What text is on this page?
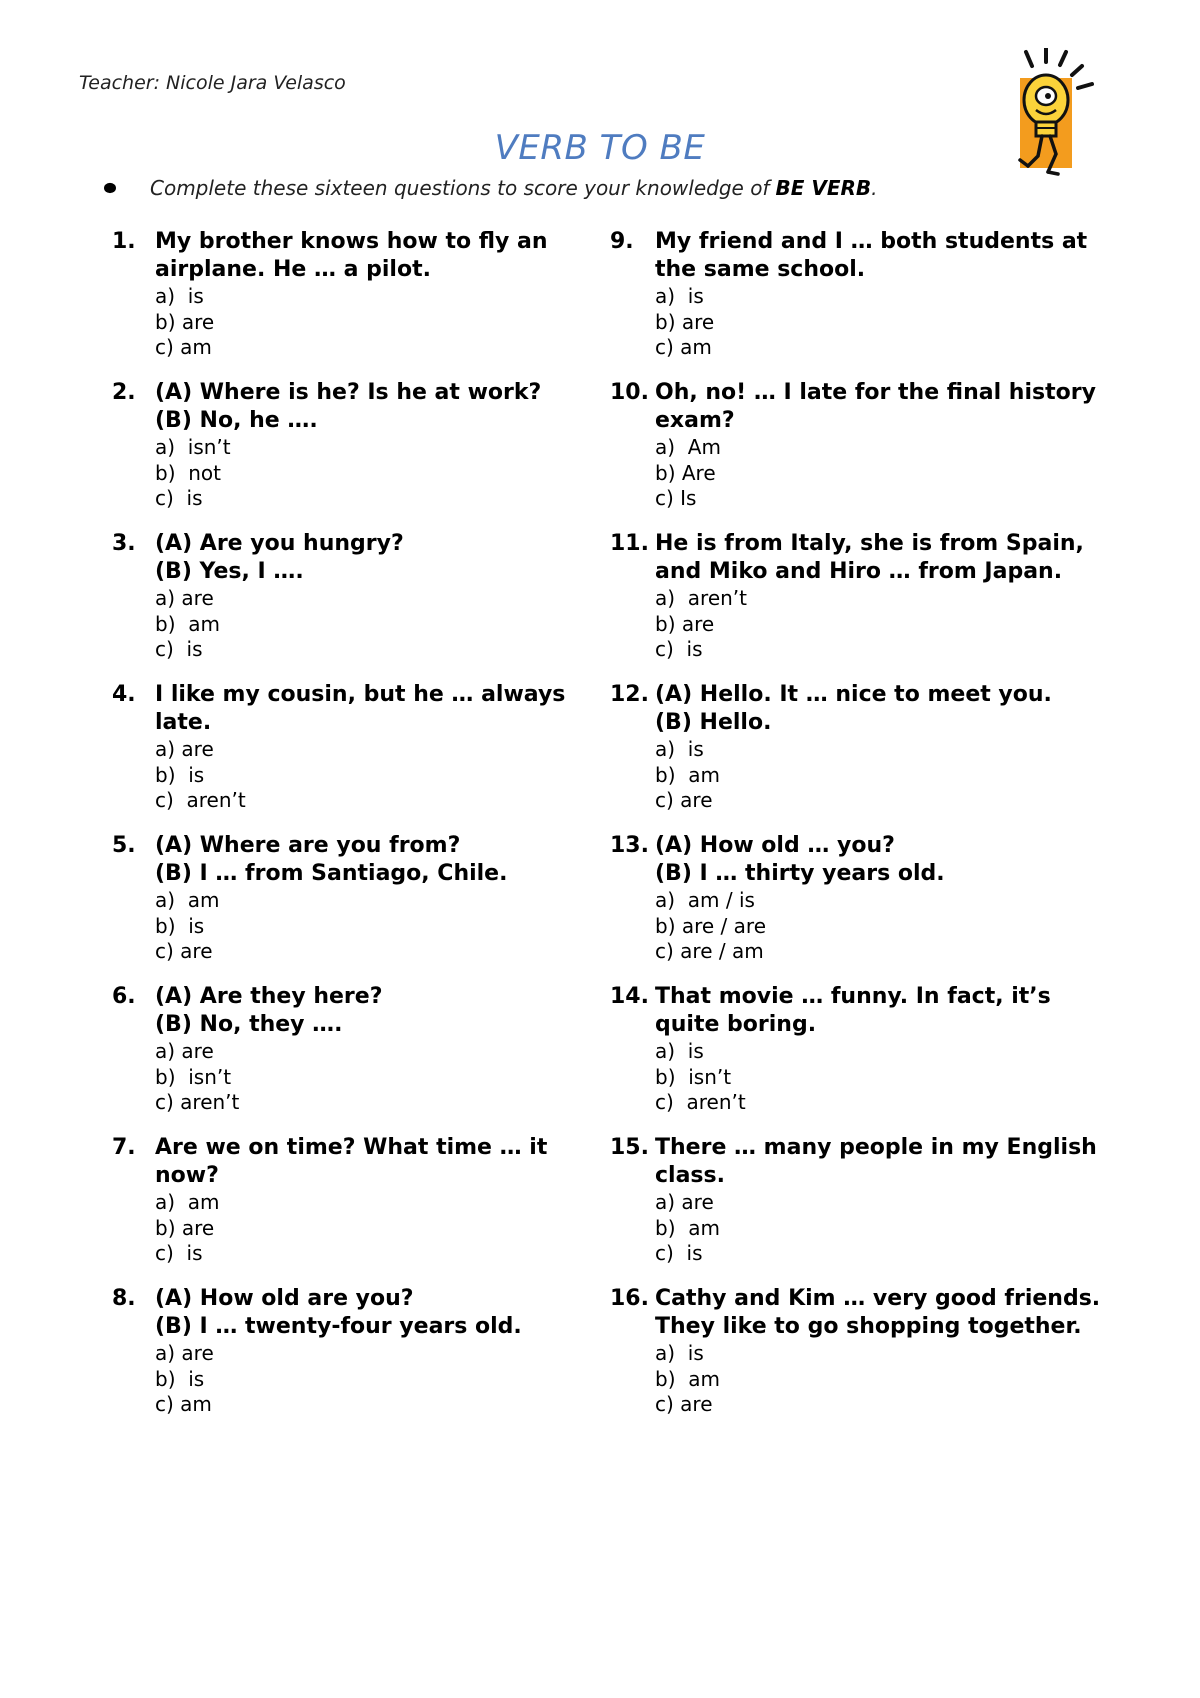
Teacher: Nicole Jara Velasco
VERB TO BE
Complete these sixteen questions to score your knowledge of BE VERB .
1. My brother knows how to fly an
airplane. He … a pilot.
a)  is
b) are
c) am
2. (A) Where is he? Is he at work?
(B) No, he ….
a)  isn’t
b)  not
c)  is
3. (A) Are you hungry?
(B) Yes, I ….
a) are
b)  am
c)  is
4. I like my cousin, but he … always
late.
a) are
b)  is
c)  aren’t
5. (A) Where are you from?
(B) I … from Santiago, Chile.
a)  am
b)  is
c) are
6. (A) Are they here?
(B) No, they ….
a) are
b)  isn’t
c) aren’t
7. Are we on time? What time … it
now?
a)  am
b) are
c)  is
8. (A) How old are you?
(B) I … twenty-four years old.
a) are
b)  is
c) am
9. My friend and I … both students at
the same school.
a)  is
b) are
c) am
10. Oh, no! … I late for the final history
exam?
a)  Am
b) Are
c) Is
11. He is from Italy, she is from Spain,
and Miko and Hiro … from Japan.
a)  aren’t
b) are
c)  is
12. (A) Hello. It … nice to meet you.
(B) Hello.
a)  is
b)  am
c) are
13. (A) How old … you?
(B) I … thirty years old.
a)  am / is
b) are / are
c) are / am
14. That movie … funny. In fact, it’s
quite boring.
a)  is
b)  isn’t
c)  aren’t
15. There … many people in my English
class.
a) are
b)  am
c)  is
16. Cathy and Kim … very good friends.
They like to go shopping together.
a)  is
b)  am
c) are
